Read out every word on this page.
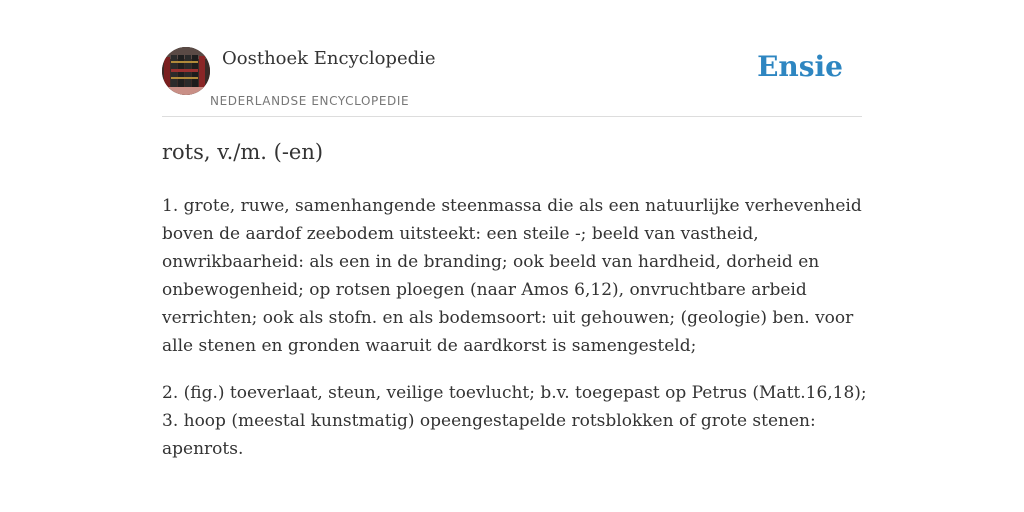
Oosthoek Encyclopedie
NEDERLANDSE ENCYCLOPEDIE
Ensie
rots, v./m. (-en)

1. grote, ruwe, samenhangende steenmassa die als een natuurlijke verhevenheid boven de aardof zeebodem uitsteekt: een steile -; beeld van vastheid, onwrikbaarheid: als een in de branding; ook beeld van hardheid, dorheid en onbewogenheid; op rotsen ploegen (naar Amos 6,12), onvruchtbare arbeid verrichten; ook als stofn. en als bodemsoort: uit gehouwen; (geologie) ben. voor alle stenen en gronden waaruit de aardkorst is samengesteld;

2. (fig.) toeverlaat, steun, veilige toevlucht; b.v. toegepast op Petrus (Matt.16,18); 3. hoop (meestal kunstmatig) opeengestapelde rotsblokken of grote stenen: apenrots.
